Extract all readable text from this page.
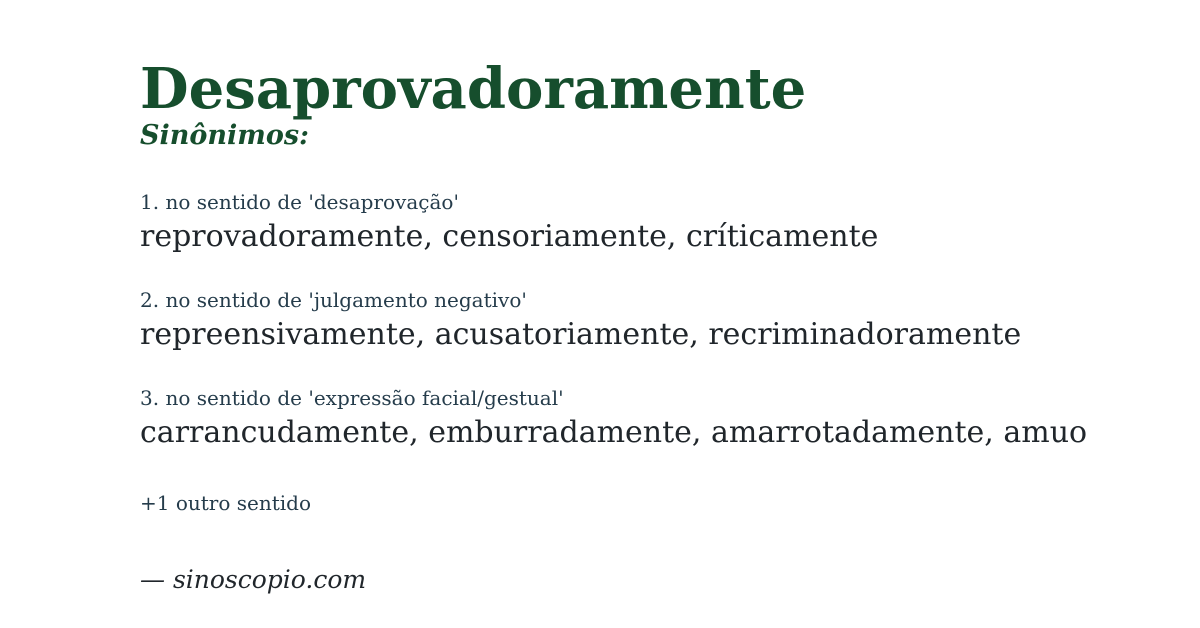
Desaprovadoramente
Sinônimos:

1. no sentido de 'desaprovação'

reprovadoramente, censoriamente, críticamente

2. no sentido de 'julgamento negativo'

repreensivamente, acusatoriamente, recriminadoramente

3. no sentido de 'expressão facial/gestual'

carrancudamente, emburradamente, amarrotadamente, amuo

+1 outro sentido
— sinoscopio.com
